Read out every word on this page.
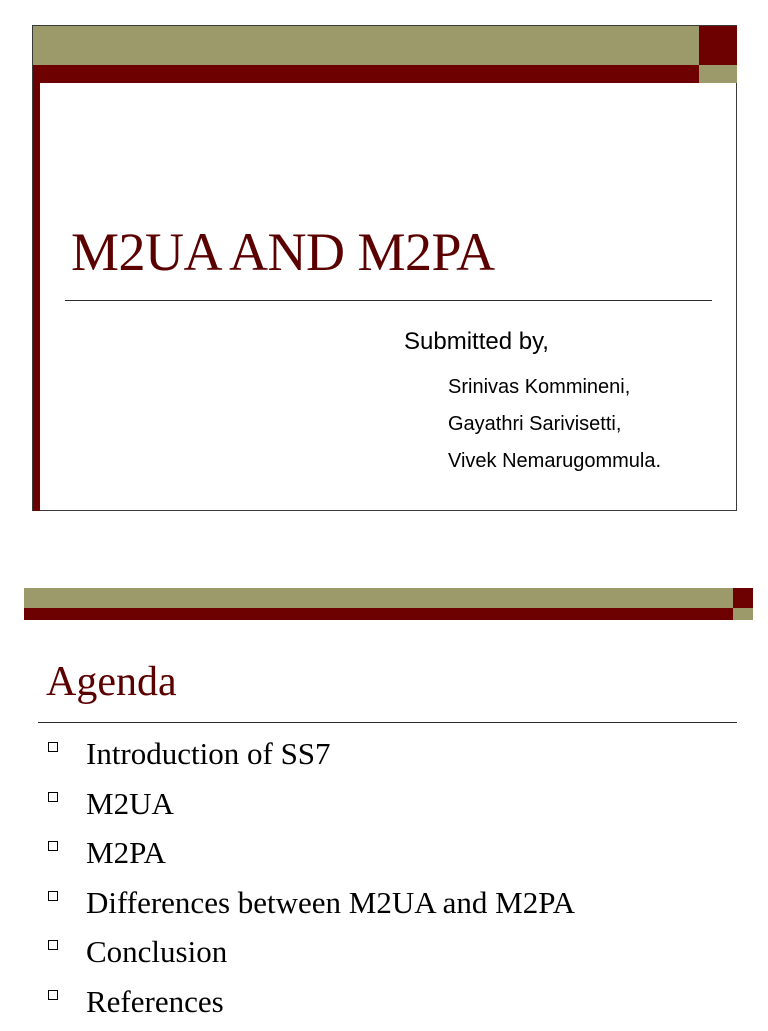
M2UA AND M2PA
Submitted by,
Srinivas Kommineni,
Gayathri Sarivisetti,
Vivek Nemarugommula.
Agenda
Introduction of SS7
M2UA
M2PA
Differences between M2UA and M2PA
Conclusion
References
